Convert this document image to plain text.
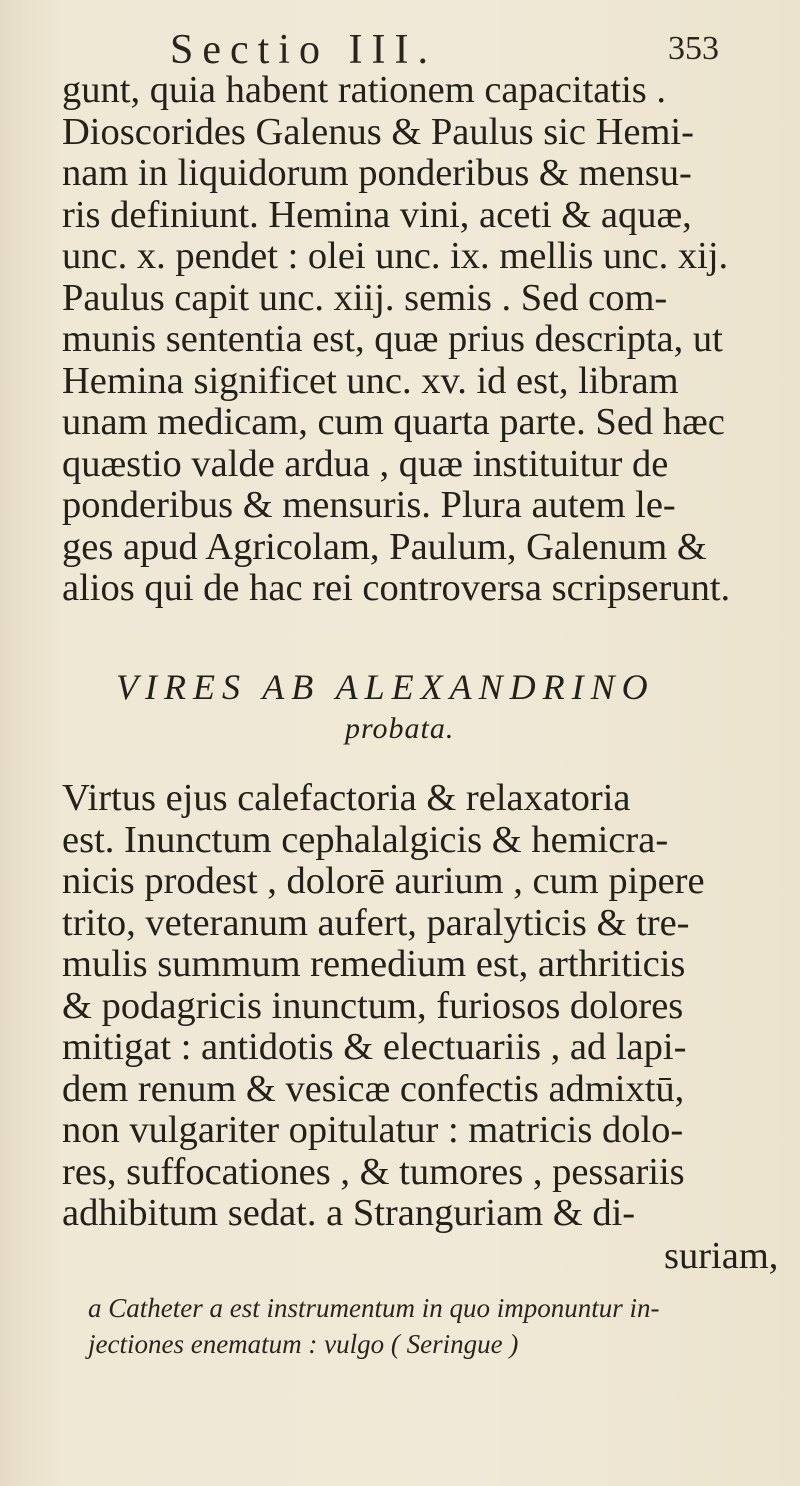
Sectio III.	353
gunt, quia habent rationem capacitatis .
Dioscorides Galenus & Paulus sic Hemi-
nam in liquidorum ponderibus & mensu-
ris definiunt. Hemina vini, aceti & aquæ,
unc. x. pendet : olei unc. ix. mellis unc. xij.
Paulus capit unc. xiij. semis . Sed com-
munis sententia est, quæ prius descripta, ut
Hemina significet unc. xv. id est, libram
unam medicam, cum quarta parte. Sed hæc
quæstio valde ardua , quæ instituitur de
ponderibus & mensuris. Plura autem le-
ges apud Agricolam, Paulum, Galenum &
alios qui de hac rei controversa scripserunt.
VIRES AB ALEXANDRINO
probata.
Virtus ejus calefactoria & relaxatoria
est. Inunctum cephalalgicis & hemicra-
nicis prodest , dolorē aurium , cum pipere
trito, veteranum aufert, paralyticis & tre-
mulis summum remedium est, arthriticis
& podagricis inunctum, furiosos dolores
mitigat : antidotis & electuariis , ad lapi-
dem renum & vesicæ confectis admixtū,
non vulgariter opitulatur : matricis dolo-
res, suffocationes , & tumores , pessariis
adhibitum sedat. a Stranguriam & di-
suriam,
a Catheter a est instrumentum in quo imponuntur in-
jectiones enematum : vulgo ( Seringue )
